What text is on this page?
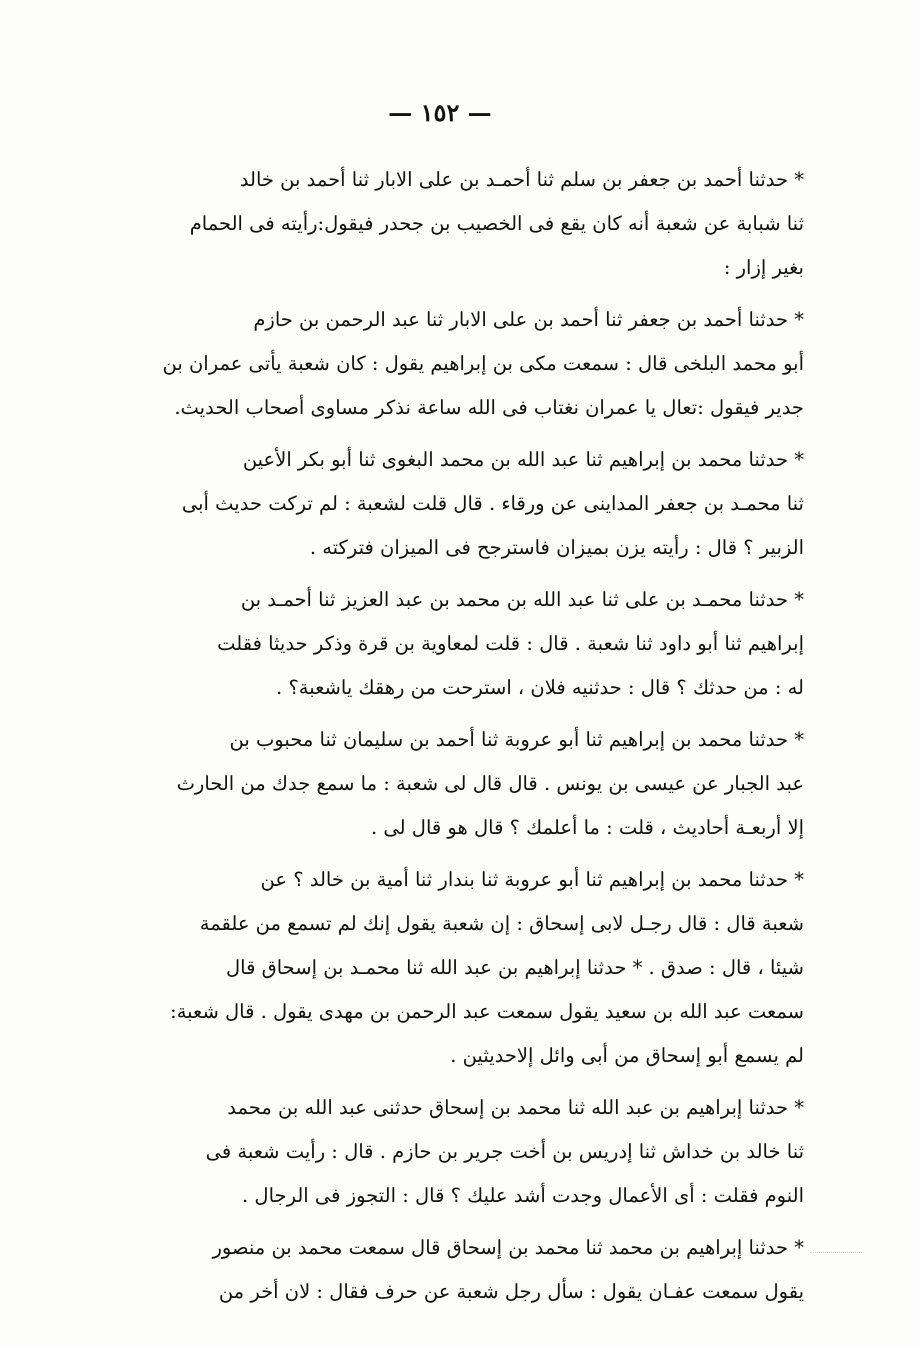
— ١٥٢ —
* حدثنا أحمد بن جعفر بن سلم ثنا أحمـد بن على الابار ثنا أحمد بن خالد
ثنا شبابة عن شعبة أنه كان يقع فى الخصيب بن جحدر فيقول:رأيته فى الحمام
بغير إزار :
* حدثنا أحمد بن جعفر ثنا أحمد بن على الابار ثنا عبد الرحمن بن حازم
أبو محمد البلخى قال : سمعت مكى بن إبراهيم يقول : كان شعبة يأتى عمران بن
جدير فيقول :تعال يا عمران نغتاب فى الله ساعة نذكر مساوى أصحاب الحديث.
* حدثنا محمد بن إبراهيم ثنا عبد الله بن محمد البغوى ثنا أبو بكر الأعين
ثنا محمـد بن جعفر المداينى عن ورقاء . قال قلت لشعبة : لم تركت حديث أبى
الزبير ؟ قال : رأيته يزن بميزان فاسترجح فى الميزان فتركته .
* حدثنا محمـد بن على ثنا عبد الله بن محمد بن عبد العزيز ثنا أحمـد بن
إبراهيم ثنا أبو داود ثنا شعبة . قال : قلت لمعاوية بن قرة وذكر حديثا فقلت
له : من حدثك ؟ قال : حدثنيه فلان ، استرحت من رهقك ياشعبة؟ .
* حدثنا محمد بن إبراهيم ثنا أبو عروبة ثنا أحمد بن سليمان ثنا محبوب بن
عبد الجبار عن عيسى بن يونس . قال قال لى شعبة : ما سمع جدك من الحارث
إلا أربعـة أحاديث ، قلت : ما أعلمك ؟ قال هو قال لى .
* حدثنا محمد بن إبراهيم ثنا أبو عروبة ثنا بندار ثنا أمية بن خالد ؟ عن
شعبة قال : قال رجـل لابى إسحاق : إن شعبة يقول إنك لم تسمع من علقمة
شيئا ، قال : صدق . * حدثنا إبراهيم بن عبد الله ثنا محمـد بن إسحاق قال
سمعت عبد الله بن سعيد يقول سمعت عبد الرحمن بن مهدى يقول . قال شعبة:
لم يسمع أبو إسحاق من أبى وائل إلاحديثين .
* حدثنا إبراهيم بن عبد الله ثنا محمد بن إسحاق حدثنى عبد الله بن محمد
ثنا خالد بن خداش ثنا إدريس بن أخت جرير بن حازم . قال : رأيت شعبة فى
النوم فقلت : أى الأعمال وجدت أشد عليك ؟ قال : التجوز فى الرجال .
* حدثنا إبراهيم بن محمد ثنا محمد بن إسحاق قال سمعت محمد بن منصور
يقول سمعت عفـان يقول : سأل رجل شعبة عن حرف فقال : لان أخر من
